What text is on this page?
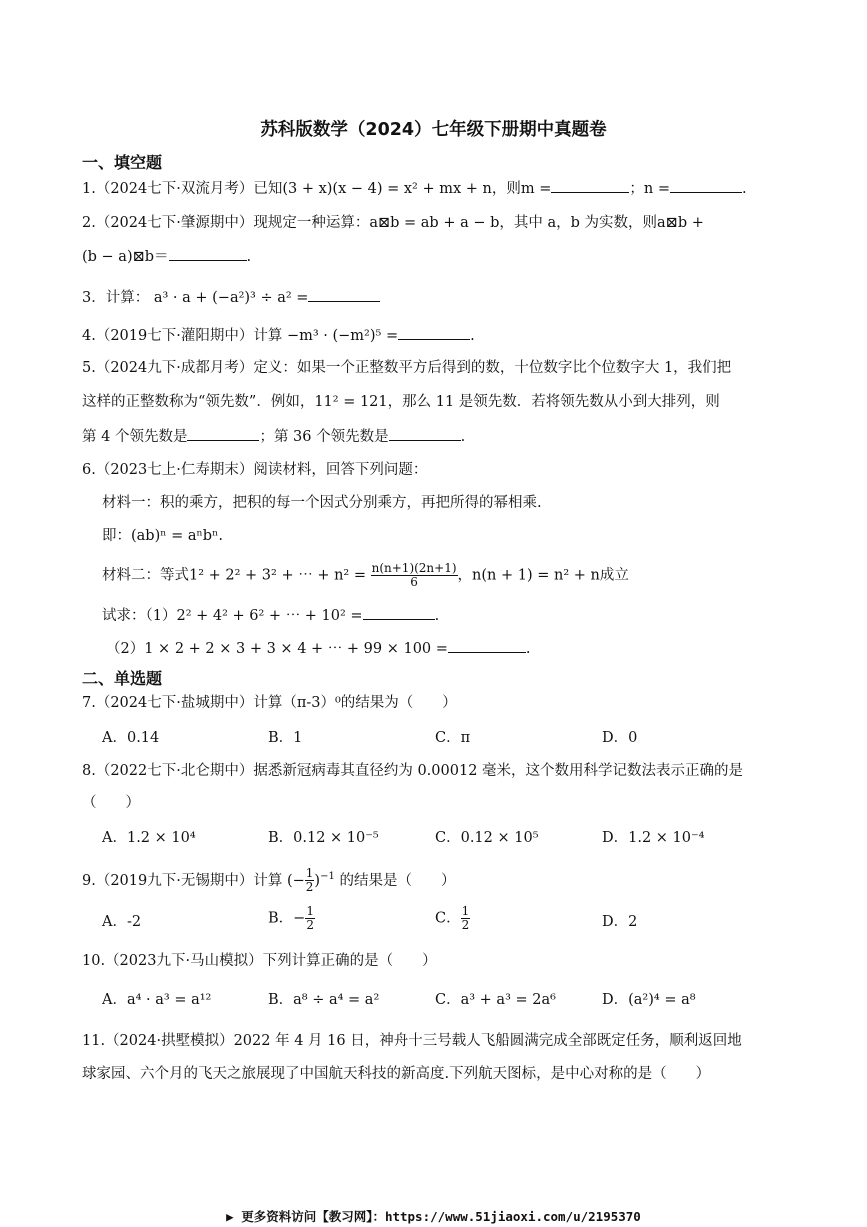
苏科版数学（2024）七年级下册期中真题卷
一、填空题
1.（2024七下·双流月考）已知(3 + x)(x − 4) = x² + mx + n，则m =	；n =	.
2.（2024七下·肇源期中）现规定一种运算：a⊠b = ab + a − b，其中 a，b 为实数，则a⊠b +
(b − a)⊠b＝	.
3．计算： a³ · a + (−a²)³ ÷ a² =
4.（2019七下·灌阳期中）计算 −m³ · (−m²)⁵ =	.
5.（2024九下·成都月考）定义：如果一个正整数平方后得到的数，十位数字比个位数字大 1，我们把
这样的正整数称为“领先数”．例如，11² = 121，那么 11 是领先数．若将领先数从小到大排列，则
第 4 个领先数是	；第 36 个领先数是	.
6.（2023七上·仁寿期末）阅读材料，回答下列问题：
材料一：积的乘方，把积的每一个因式分别乘方，再把所得的幂相乘.
即：(ab)ⁿ = aⁿbⁿ.
材料二：等式1² + 2² + 3² + ⋯ + $n^2 = \frac{n(n+1)(2n+1)}{6}$ ，n(n + 1) = n² + n成立
试求：（1）2² + 4² + 6² + ⋯ + 10² =	.
（2）1 × 2 + 2 × 3 + 3 × 4 + ⋯ + 99 × 100 =	.
二、单选题
7.（2024七下·盐城期中）计算（π-3）⁰的结果为（　　）
A．0.14	B．1	C．π	D．0
8.（2022七下·北仑期中）据悉新冠病毒其直径约为 0.00012 毫米，这个数用科学记数法表示正确的是
（　　）
A．1.2 × 10⁴	B．0.12 × 10⁻⁵	C．0.12 × 10⁵	D．1.2 × 10⁻⁴
9.（2019九下·无锡期中）计算 (− $\frac{1}{2} )^{-1}$ 的结果是（　　）
A．-2	B．− $\frac{1}{2}$	C． $\frac{1}{2}$	D．2
10.（2023九下·马山模拟）下列计算正确的是（　　）
A．a⁴ · a³ = a¹²	B．a⁸ ÷ a⁴ = a²	C．a³ + a³ = 2a⁶	D．(a²)⁴ = a⁸
11.（2024·拱墅模拟）2022 年 4 月 16 日，神舟十三号载人飞船圆满完成全部既定任务，顺利返回地
球家园、六个月的飞天之旅展现了中国航天科技的新高度.下列航天图标，是中心对称的是（　　）
▶ 更多资料访问【教习网】：https://www.51jiaoxi.com/u/2195370
